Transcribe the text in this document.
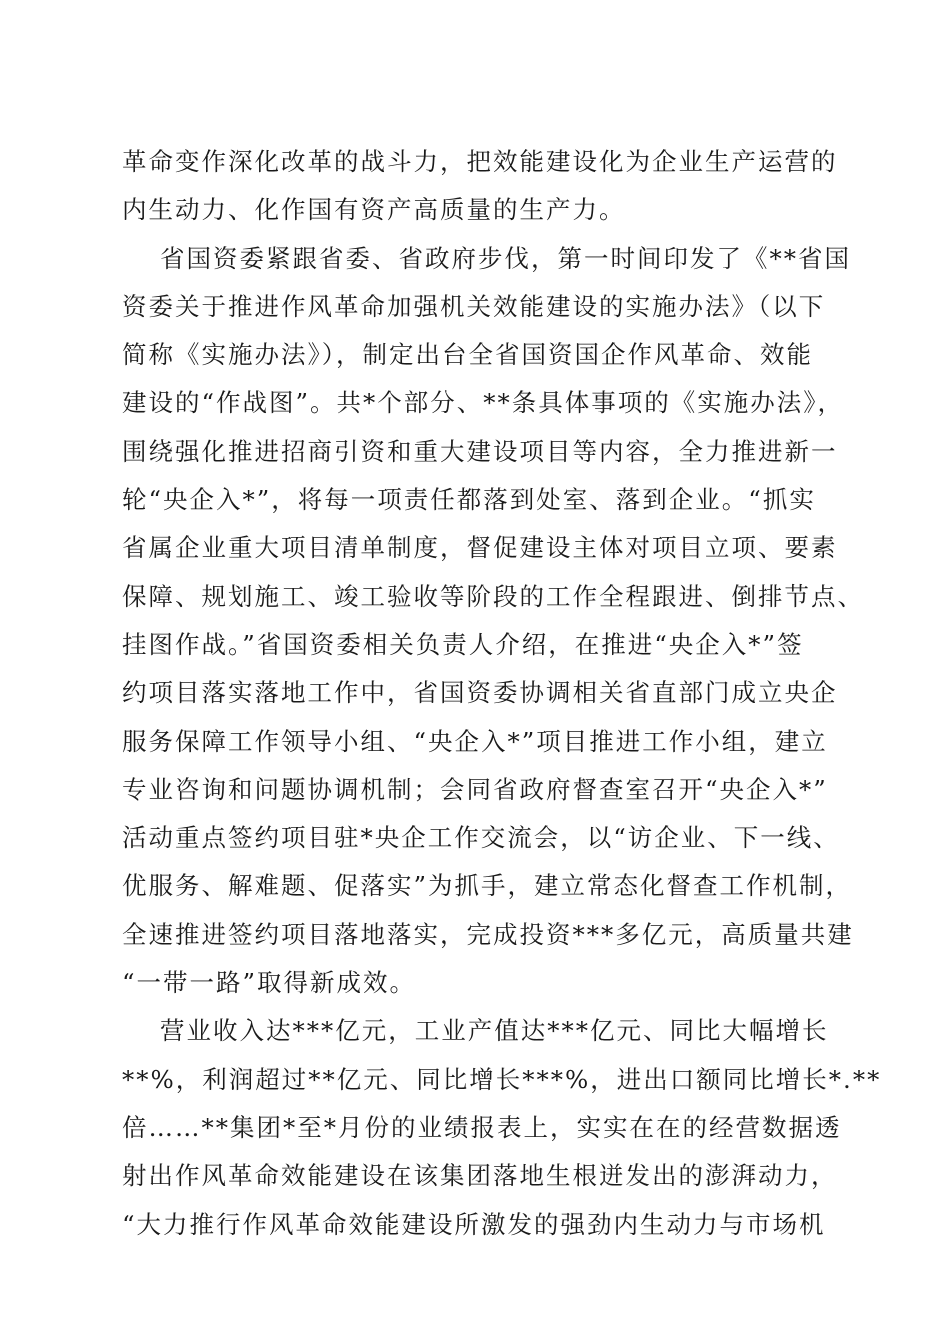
革命变作深化改革的战斗力，把效能建设化为企业生产运营的
内生动力、化作国有资产高质量的生产力。
省国资委紧跟省委、省政府步伐，第一时间印发了《**省国
资委关于推进作风革命加强机关效能建设的实施办法》（以下
简称《实施办法》），制定出台全省国资国企作风革命、效能
建设的“作战图”。共*个部分、**条具体事项的《实施办法》，
围绕强化推进招商引资和重大建设项目等内容，全力推进新一
轮“央企入*”，将每一项责任都落到处室、落到企业。“抓实
省属企业重大项目清单制度，督促建设主体对项目立项、要素
保障、规划施工、竣工验收等阶段的工作全程跟进、倒排节点、
挂图作战。”省国资委相关负责人介绍，在推进“央企入*”签
约项目落实落地工作中，省国资委协调相关省直部门成立央企
服务保障工作领导小组、“央企入*”项目推进工作小组，建立
专业咨询和问题协调机制；会同省政府督查室召开“央企入*”
活动重点签约项目驻*央企工作交流会，以“访企业、下一线、
优服务、解难题、促落实”为抓手，建立常态化督查工作机制，
全速推进签约项目落地落实，完成投资***多亿元，高质量共建
“一带一路”取得新成效。
营业收入达***亿元，工业产值达***亿元、同比大幅增长
**%，利润超过**亿元、同比增长***%，进出口额同比增长*.**
倍……**集团*至*月份的业绩报表上，实实在在的经营数据透
射出作风革命效能建设在该集团落地生根迸发出的澎湃动力，
“大力推行作风革命效能建设所激发的强劲内生动力与市场机
